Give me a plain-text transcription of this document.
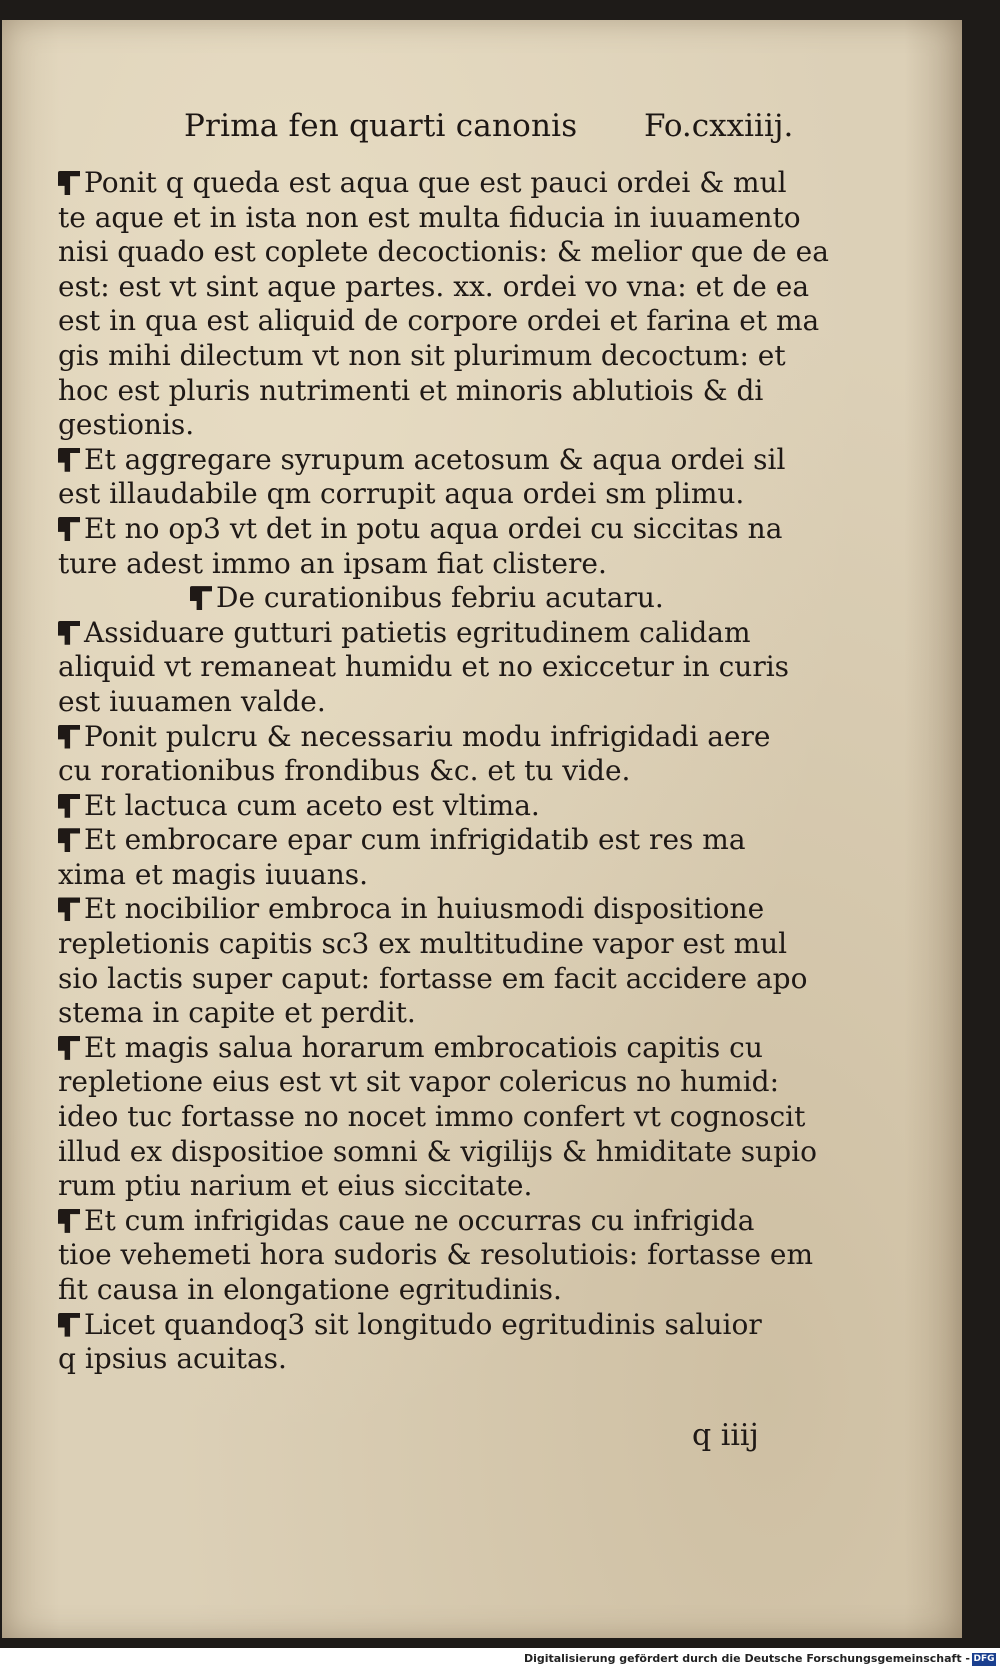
Prima fen quarti canonis Fo.cxxiiij.
Ponit q queda est aqua que est pauci ordei & mul
te aque et in ista non est multa fiducia in iuuamento
nisi quado est coplete decoctionis: & melior que de ea
est: est vt sint aque partes. xx. ordei vo vna: et de ea
est in qua est aliquid de corpore ordei et farina et ma
gis mihi dilectum vt non sit plurimum decoctum: et
hoc est pluris nutrimenti et minoris ablutiois & di
gestionis.
Et aggregare syrupum acetosum & aqua ordei sil
est illaudabile qm corrupit aqua ordei sm plimu.
Et no op3 vt det in potu aqua ordei cu siccitas na
ture adest immo an ipsam fiat clistere.
De curationibus febriu acutaru.
Assiduare gutturi patietis egritudinem calidam
aliquid vt remaneat humidu et no exiccetur in curis
est iuuamen valde.
Ponit pulcru & necessariu modu infrigidadi aere
cu rorationibus frondibus &c. et tu vide.
Et lactuca cum aceto est vltima.
Et embrocare epar cum infrigidatib est res ma
xima et magis iuuans.
Et nocibilior embroca in huiusmodi dispositione
repletionis capitis sc3 ex multitudine vapor est mul
sio lactis super caput: fortasse em facit accidere apo
stema in capite et perdit.
Et magis salua horarum embrocatiois capitis cu
repletione eius est vt sit vapor colericus no humid:
ideo tuc fortasse no nocet immo confert vt cognoscit
illud ex dispositioe somni & vigilijs & hmiditate supio
rum ptiu narium et eius siccitate.
Et cum infrigidas caue ne occurras cu infrigida
tioe vehemeti hora sudoris & resolutiois: fortasse em
fit causa in elongatione egritudinis.
Licet quandoq3 sit longitudo egritudinis saluior
q ipsius acuitas.
q iiij
Digitalisierung gefördert durch die Deutsche Forschungsgemeinschaft - DFG
